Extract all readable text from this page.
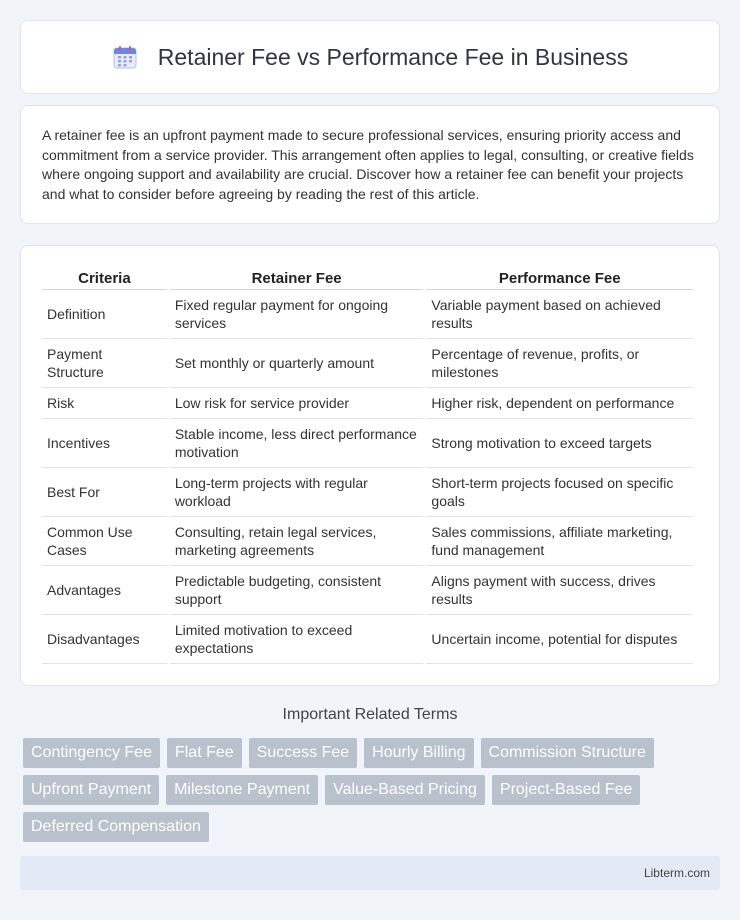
Retainer Fee vs Performance Fee in Business

A retainer fee is an upfront payment made to secure professional services, ensuring priority access and commitment from a service provider. This arrangement often applies to legal, consulting, or creative fields where ongoing support and availability are crucial. Discover how a retainer fee can benefit your projects and what to consider before agreeing by reading the rest of this article.

Criteria	Retainer Fee	Performance Fee
Definition	Fixed regular payment for ongoing services	Variable payment based on achieved results
Payment Structure	Set monthly or quarterly amount	Percentage of revenue, profits, or milestones
Risk	Low risk for service provider	Higher risk, dependent on performance
Incentives	Stable income, less direct performance motivation	Strong motivation to exceed targets
Best For	Long-term projects with regular workload	Short-term projects focused on specific goals
Common Use Cases	Consulting, retain legal services, marketing agreements	Sales commissions, affiliate marketing, fund management
Advantages	Predictable budgeting, consistent support	Aligns payment with success, drives results
Disadvantages	Limited motivation to exceed expectations	Uncertain income, potential for disputes
Important Related Terms
Contingency Fee	Flat Fee	Success Fee	Hourly Billing	Commission Structure
Upfront Payment	Milestone Payment	Value-Based Pricing	Project-Based Fee
Deferred Compensation
Libterm.com
